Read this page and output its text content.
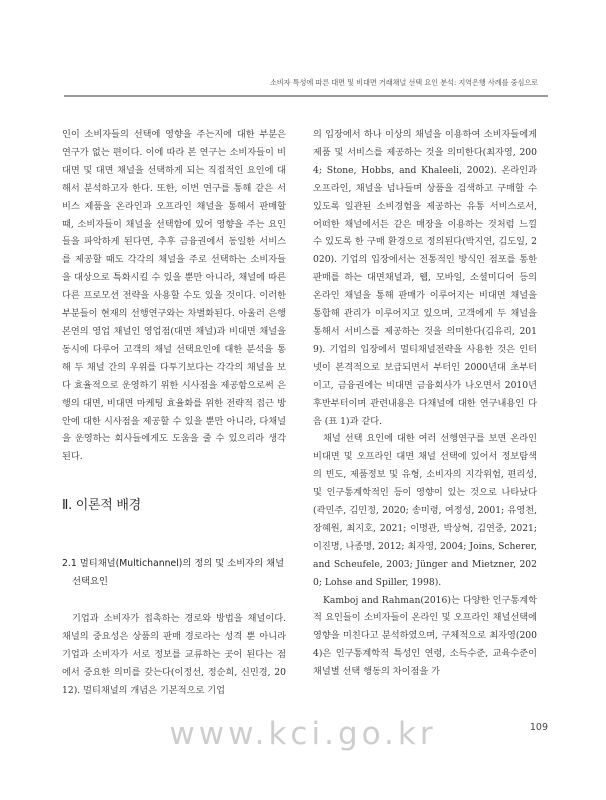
소비자 특성에 따른 대면 및 비대면 거래채널 선택 요인 분석: 지역은행 사례를 중심으로

인이 소비자들의 선택에 영향을 주는지에 대한 부분은 연구가 없는 편이다. 이에 따라 본 연구는 소비자들이 비대면 및 대면 채널을 선택하게 되는 직접적인 요인에 대해서 분석하고자 한다. 또한, 이번 연구를 통해 같은 서비스 제품을 온라인과 오프라인 채널을 통해서 판매할 때, 소비자들이 채널을 선택함에 있어 영향을 주는 요인들을 파악하게 된다면, 추후 금융권에서 동일한 서비스를 제공할 때도 각각의 채널을 주로 선택하는 소비자들을 대상으로 특화시킬 수 있을 뿐만 아니라, 채널에 따른 다른 프로모션 전략을 사용할 수도 있을 것이다. 이러한 부분들이 현재의 선행연구와는 차별화된다. 아울러 은행 본연의 영업 채널인 영업점(대면 채널)과 비대면 채널을 동시에 다루어 고객의 채널 선택요인에 대한 분석을 통해 두 채널 간의 우위를 다투기보다는 각각의 채널을 보다 효율적으로 운영하기 위한 시사점을 제공함으로써 은행의 대면, 비대면 마케팅 효율화를 위한 전략적 접근 방안에 대한 시사점을 제공할 수 있을 뿐만 아니라, 다채널을 운영하는 회사들에게도 도움을 줄 수 있으리라 생각된다.

Ⅱ. 이론적 배경
2.1 멀티채널(Multichannel)의 정의 및 소비자의 채널 선택요인

기업과 소비자가 접촉하는 경로와 방법을 채널이다. 채널의 중요성은 상품의 판매 경로라는 성격 뿐 아니라 기업과 소비자가 서로 정보를 교류하는 곳이 된다는 점에서 중요한 의미를 갖는다(이정선, 정순희, 신민경, 2012). 멀티채널의 개념은 기본적으로 기업

의 입장에서 하나 이상의 채널을 이용하여 소비자들에게 제품 및 서비스를 제공하는 것을 의미한다(최자영, 2004; Stone, Hobbs, and Khaleeli, 2002). 온라인과 오프라인, 채널을 넘나들며 상품을 검색하고 구매할 수 있도록 일관된 소비경험을 제공하는 유통 서비스로서, 어떠한 채널에서든 같은 매장을 이용하는 것처럼 느낄 수 있도록 한 구매 환경으로 정의된다(박지연, 김도일, 2020). 기업의 입장에서는 전통적인 방식인 점포를 통한 판매를 하는 대면채널과, 웹, 모바일, 소셜미디어 등의 온라인 채널을 통해 판매가 이루어지는 비대면 채널을 통합해 관리가 이루어지고 있으며, 고객에게 두 채널을 통해서 서비스를 제공하는 것을 의미한다(김유리, 2019). 기업의 입장에서 멀티채널전략을 사용한 것은 인터넷이 본격적으로 보급되면서 부터인 2000년대 초부터이고, 금융권에는 비대면 금융회사가 나오면서 2010년 후반부터이며 관련내용은 다채널에 대한 연구내용인 다음 (표 1)과 같다.

채널 선택 요인에 대한 여러 선행연구를 보면 온라인 비대면 및 오프라인 대면 채널 선택에 있어서 정보탐색의 빈도, 제품정보 및 유형, 소비자의 지각위험, 편리성, 및 인구통계학적인 등이 영향이 있는 것으로 나타났다(곽민주, 김민정, 2020; 송미령, 여정성, 2001; 유영천, 장혜원, 최지호, 2021; 이명관, 박상혁, 김연중, 2021; 이진명, 나종명, 2012; 최자영, 2004; Joins, Scherer, and Scheufele, 2003; Jünger and Mietzner, 2020; Lohse and Spiller, 1998).

Kamboj and Rahman(2016)는 다양한 인구통계학적 요인들이 소비자들이 온라인 및 오프라인 채널선택에 영향을 미친다고 분석하였으며, 구체적으로 최자영(2004)은 인구통계학적 특성인 연령, 소득수준, 교육수준이 채널별 선택 행동의 차이점을 가

www.kci.go.kr	109
